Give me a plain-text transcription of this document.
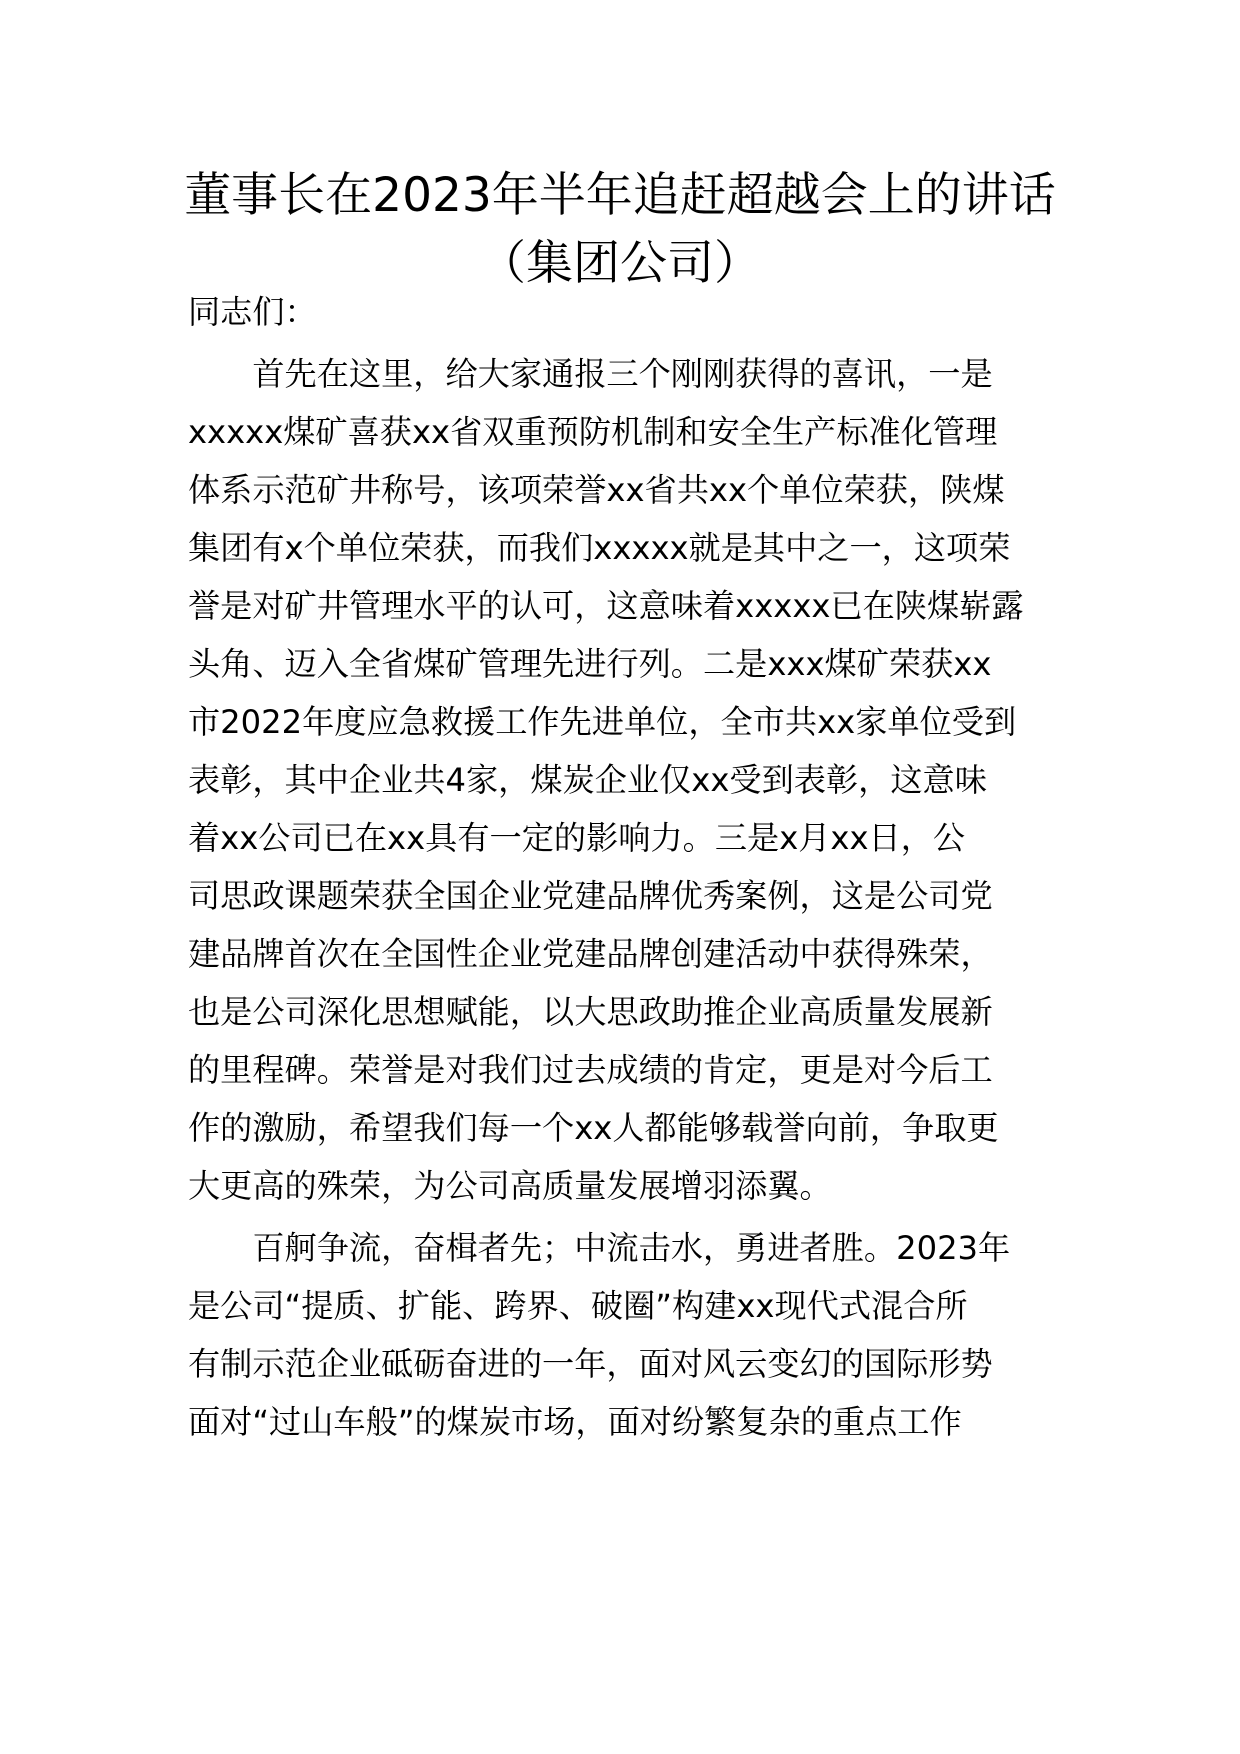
董事长在2023年半年追赶超越会上的讲话
（集团公司）
同志们：
　　首先在这里，给大家通报三个刚刚获得的喜讯，一是
xxxxx煤矿喜获xx省双重预防机制和安全生产标准化管理
体系示范矿井称号，该项荣誉xx省共xx个单位荣获，陕煤
集团有x个单位荣获，而我们xxxxx就是其中之一，这项荣
誉是对矿井管理水平的认可，这意味着xxxxx已在陕煤崭露
头角、迈入全省煤矿管理先进行列。二是xxx煤矿荣获xx
市2022年度应急救援工作先进单位，全市共xx家单位受到
表彰，其中企业共4家，煤炭企业仅xx受到表彰，这意味
着xx公司已在xx具有一定的影响力。三是x月xx日，公
司思政课题荣获全国企业党建品牌优秀案例，这是公司党
建品牌首次在全国性企业党建品牌创建活动中获得殊荣，
也是公司深化思想赋能，以大思政助推企业高质量发展新
的里程碑。荣誉是对我们过去成绩的肯定，更是对今后工
作的激励，希望我们每一个xx人都能够载誉向前，争取更
大更高的殊荣，为公司高质量发展增羽添翼。
　　百舸争流，奋楫者先；中流击水，勇进者胜。2023年
是公司“提质、扩能、跨界、破圈”构建xx现代式混合所
有制示范企业砥砺奋进的一年，面对风云变幻的国际形势
面对“过山车般”的煤炭市场，面对纷繁复杂的重点工作
